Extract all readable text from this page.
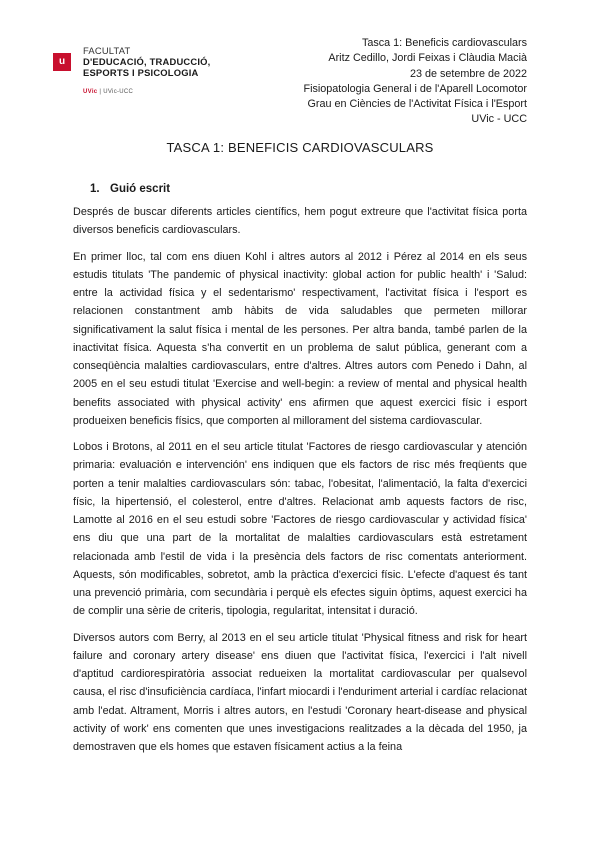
u
FACULTAT
D'EDUCACIÓ, TRADUCCIÓ,
ESPORTS I PSICOLOGIA
UVic | UVic-UCC
Tasca 1: Beneficis cardiovasculars
Aritz Cedillo, Jordi Feixas i Clàudia Macià
23 de setembre de 2022
Fisiopatologia General i de l'Aparell Locomotor
Grau en Ciències de l'Activitat Física i l'Esport
UVic - UCC
TASCA 1: BENEFICIS CARDIOVASCULARS
1. Guió escrit

Després de buscar diferents articles científics, hem pogut extreure que l'activitat física porta diversos beneficis cardiovasculars.

En primer lloc, tal com ens diuen Kohl i altres autors al 2012 i Pérez al 2014 en els seus estudis titulats 'The pandemic of physical inactivity: global action for public health' i 'Salud: entre la actividad física y el sedentarismo' respectivament, l'activitat física i l'esport es relacionen constantment amb hàbits de vida saludables que permeten millorar significativament la salut física i mental de les persones. Per altra banda, també parlen de la inactivitat física. Aquesta s'ha convertit en un problema de salut pública, generant com a conseqüència malalties cardiovasculars, entre d'altres. Altres autors com Penedo i Dahn, al 2005 en el seu estudi titulat 'Exercise and well-begin: a review of mental and physical health benefits associated with physical activity' ens afirmen que aquest exercici físic i esport produeixen beneficis físics, que comporten al millorament del sistema cardiovascular.

Lobos i Brotons, al 2011 en el seu article titulat 'Factores de riesgo cardiovascular y atención primaria: evaluación e intervención' ens indiquen que els factors de risc més freqüents que porten a tenir malalties cardiovasculars són: tabac, l'obesitat, l'alimentació, la falta d'exercici físic, la hipertensió, el colesterol, entre d'altres. Relacionat amb aquests factors de risc, Lamotte al 2016 en el seu estudi sobre 'Factores de riesgo cardiovascular y actividad física' ens diu que una part de la mortalitat de malalties cardiovasculars està estretament relacionada amb l'estil de vida i la presència dels factors de risc comentats anteriorment. Aquests, són modificables, sobretot, amb la pràctica d'exercici físic. L'efecte d'aquest és tant una prevenció primària, com secundària i perquè els efectes siguin òptims, aquest exercici ha de complir una sèrie de criteris, tipologia, regularitat, intensitat i duració.

Diversos autors com Berry, al 2013 en el seu article titulat 'Physical fitness and risk for heart failure and coronary artery disease' ens diuen que l'activitat física, l'exercici i l'alt nivell d'aptitud cardiorespiratòria associat redueixen la mortalitat cardiovascular per qualsevol causa, el risc d'insuficiència cardíaca, l'infart miocardi i l'enduriment arterial i cardíac relacionat amb l'edat. Altrament, Morris i altres autors, en l'estudi 'Coronary heart-disease and physical activity of work' ens comenten que unes investigacions realitzades a la dècada del 1950, ja demostraven que els homes que estaven físicament actius a la feina
